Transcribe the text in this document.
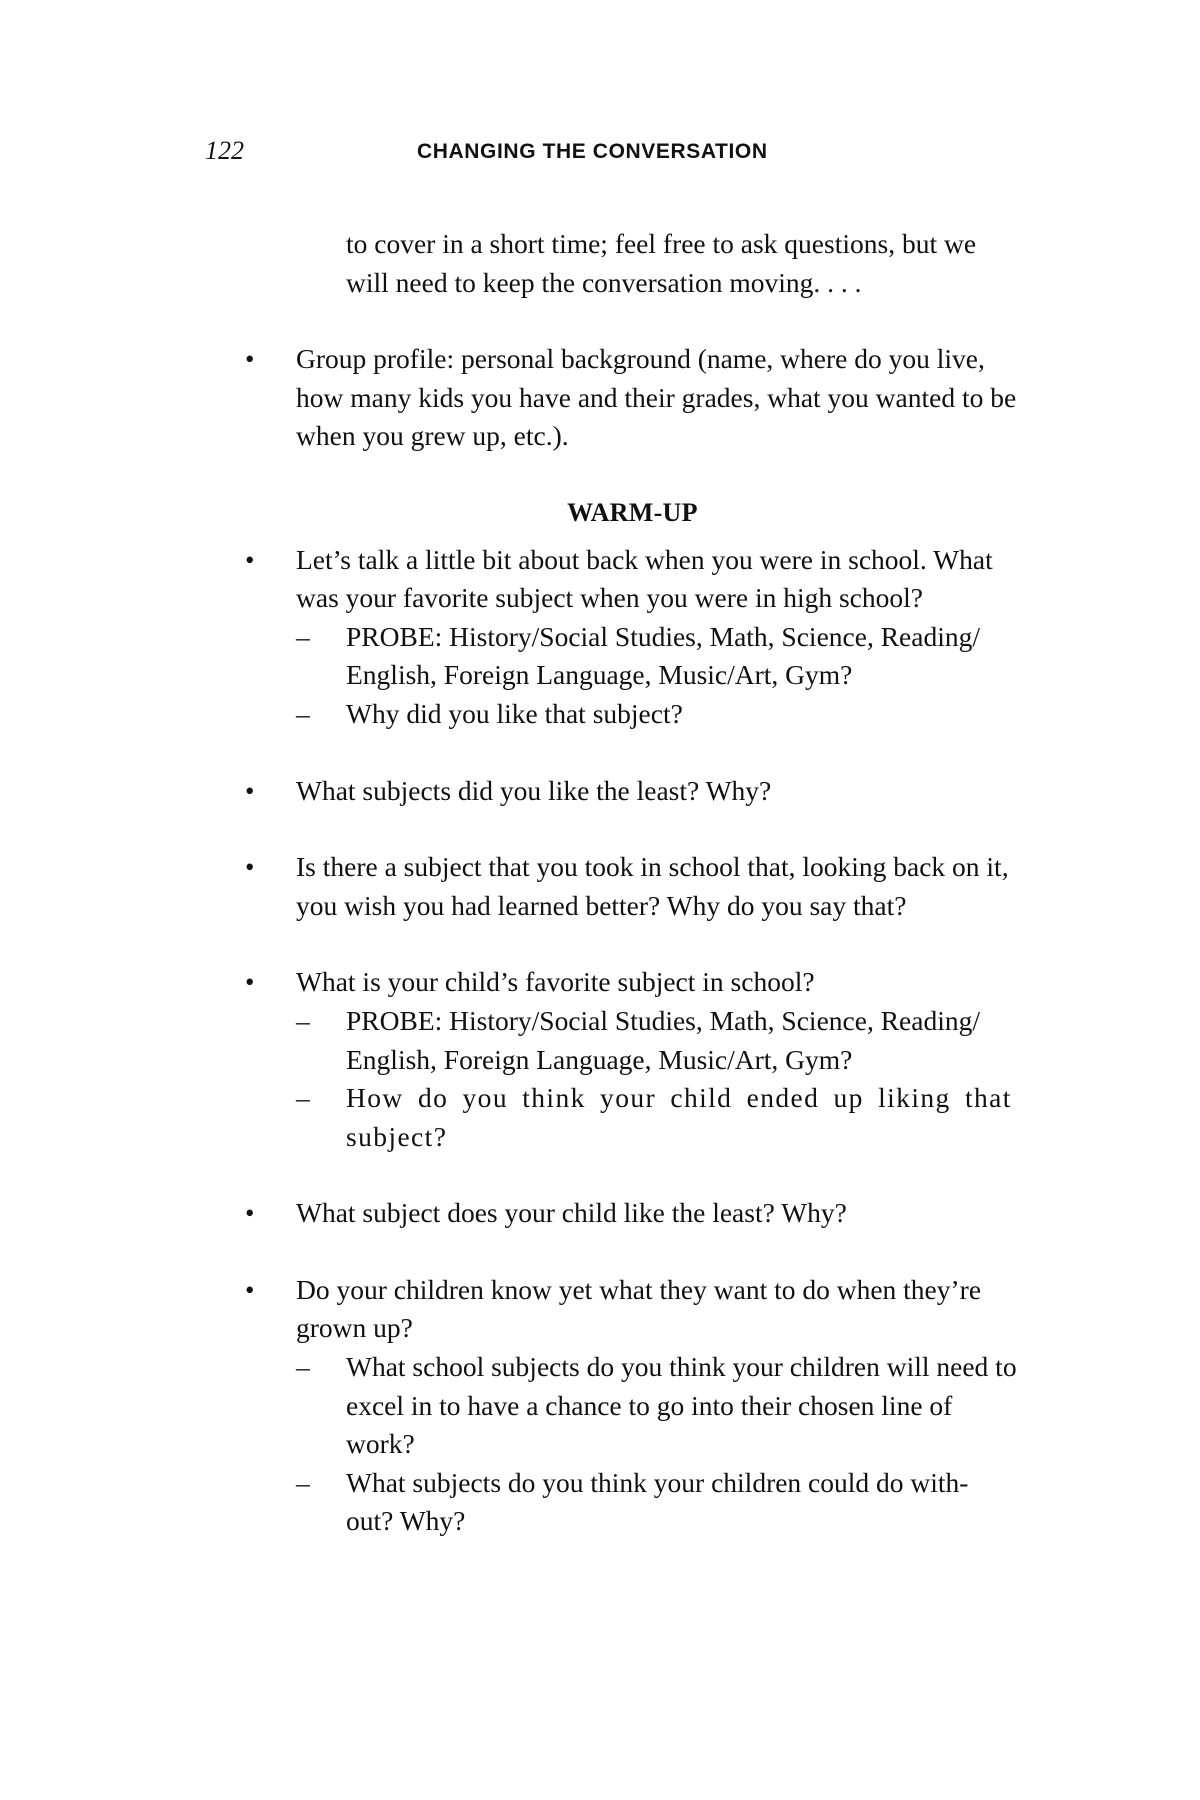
122	CHANGING THE CONVERSATION

to cover in a short time; feel free to ask questions, but we

will need to keep the conversation moving. . . .

•	Group profile: personal background (name, where do you live, how many kids you have and their grades, what you wanted to be when you grew up, etc.).

WARM-UP
•	Let’s talk a little bit about back when you were in school. What was your favorite subject when you were in high school?

– PROBE: History/Social Studies, Math, Science, Reading/ English, Foreign Language, Music/Art, Gym?
– Why did you like that subject?
•	What subjects did you like the least? Why?

•	Is there a subject that you took in school that, looking back on it, you wish you had learned better? Why do you say that?

•	What is your child’s favorite subject in school?

– PROBE: History/Social Studies, Math, Science, Reading/ English, Foreign Language, Music/Art, Gym?
– How do you think your child ended up liking that subject?
•	What subject does your child like the least? Why?

•	Do your children know yet what they want to do when they’re grown up?

– What school subjects do you think your children will need to excel in to have a chance to go into their chosen line of work?
– What subjects do you think your children could do with- out? Why?
